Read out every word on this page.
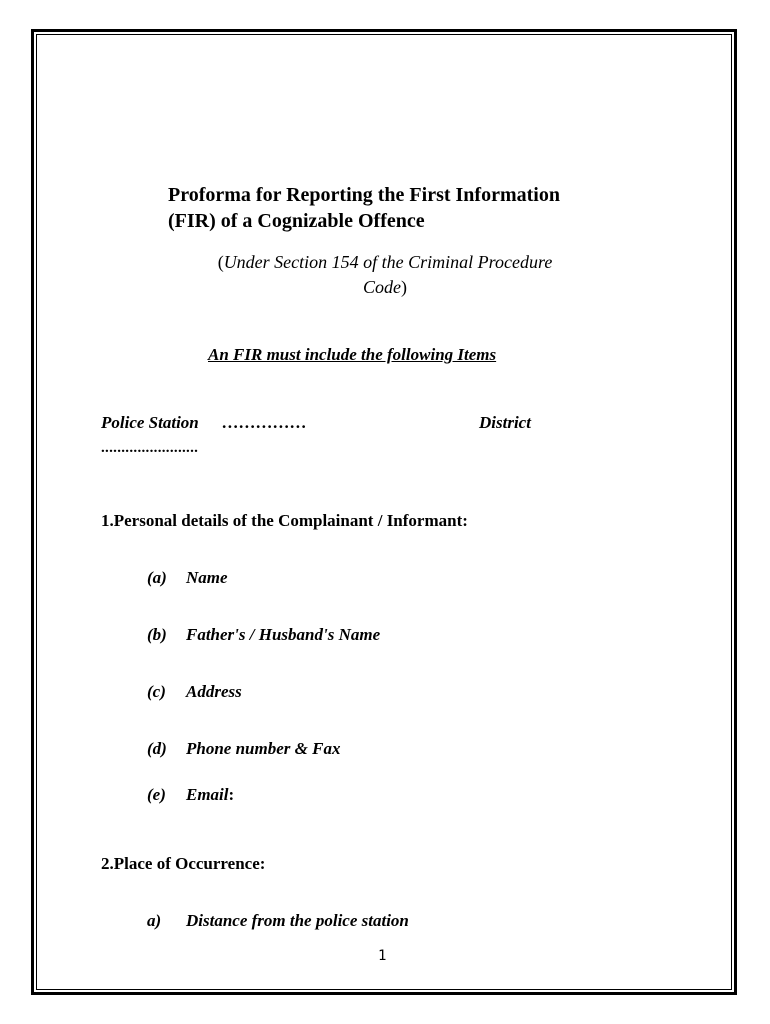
Proforma for Reporting the First Information
(FIR) of a Cognizable Offence
(Under Section 154 of the Criminal Procedure
Code)
An FIR must include the following Items
Police Station ……………	District
........................
1.Personal details of the Complainant / Informant:
(a) Name
(b) Father's / Husband's Name
(c) Address
(d) Phone number & Fax
(e) Email:
2.Place of Occurrence:
a) Distance from the police station
1
